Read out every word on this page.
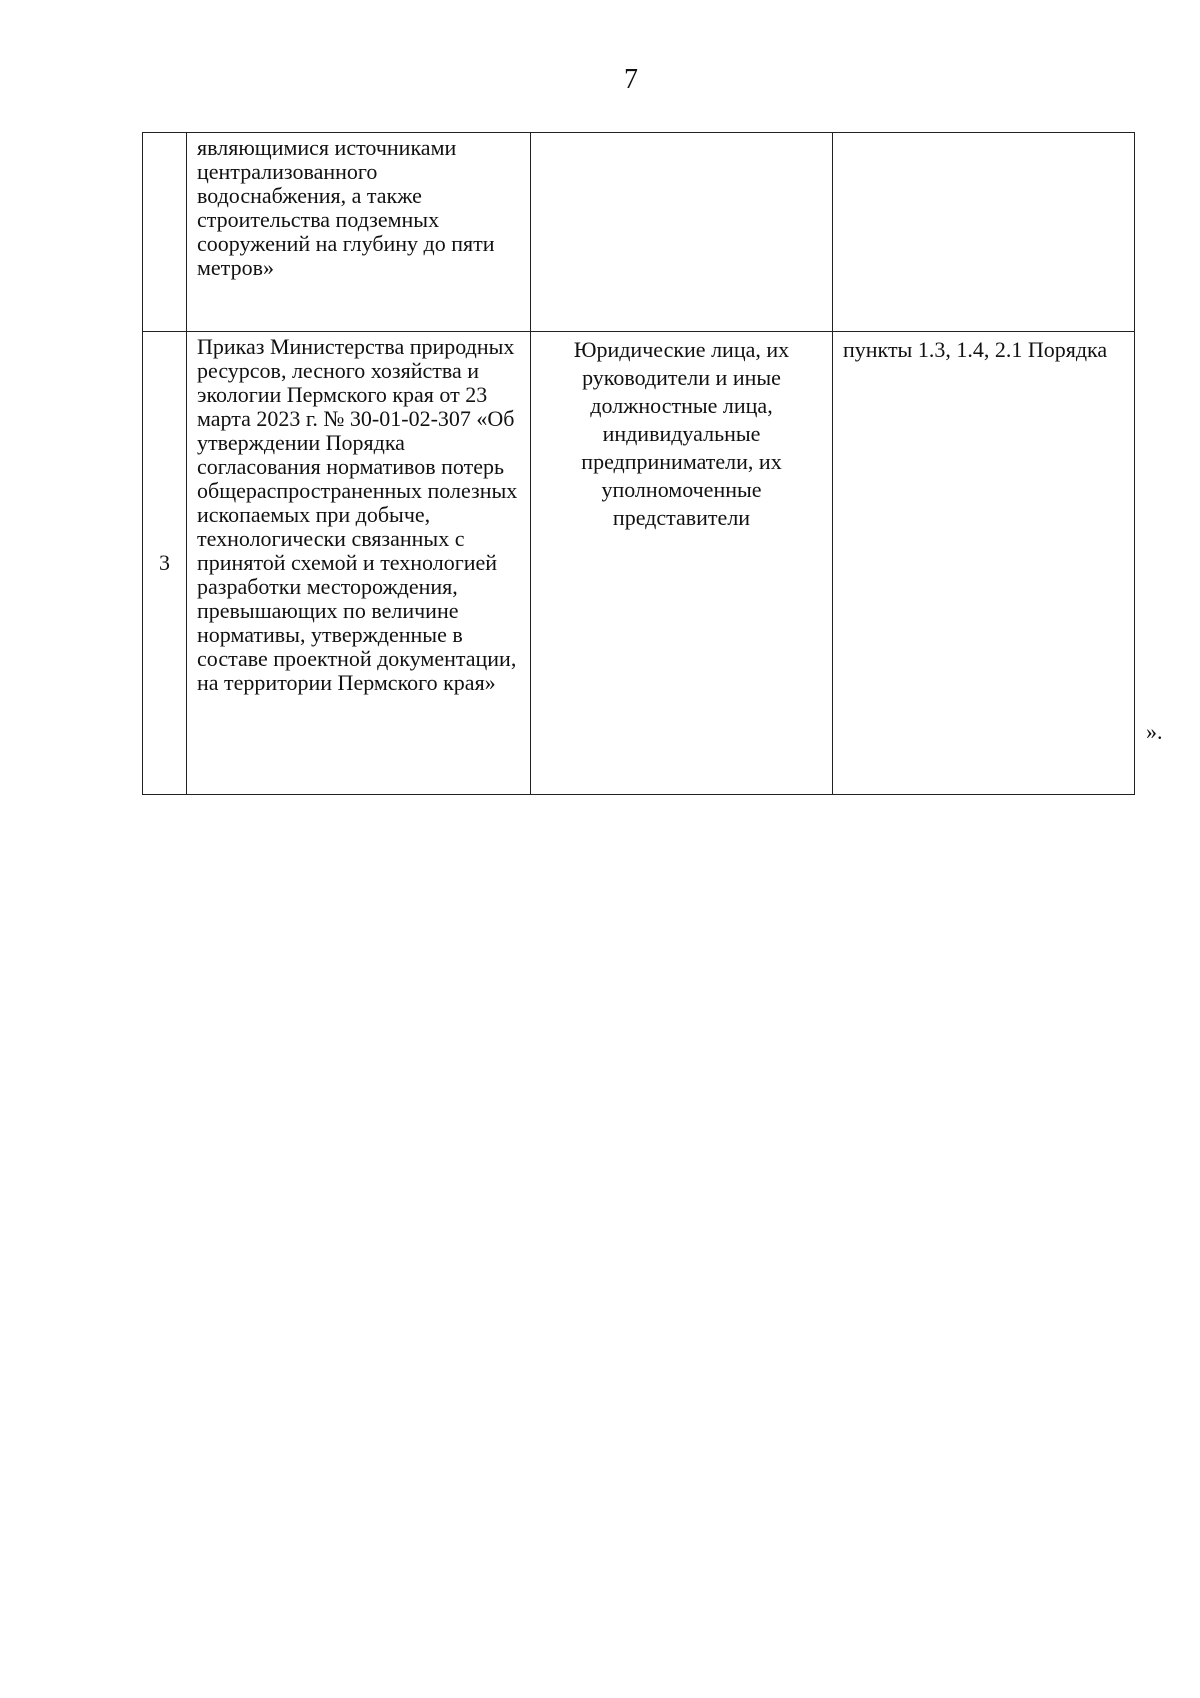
7
	являющимися источниками централизованного водоснабжения, а также строительства подземных сооружений на глубину до пяти метров»		
3	Приказ Министерства природных ресурсов, лесного хозяйства и экологии Пермского края от 23 марта 2023 г. № 30-01-02-307 «Об утверждении Порядка согласования нормативов потерь общераспространенных полезных ископаемых при добыче, технологически связанных с принятой схемой и технологией разработки месторождения, превышающих по величине нормативы, утвержденные в составе проектной документации, на территории Пермского края»	Юридические лица, их руководители и иные должностные лица, индивидуальные предприниматели, их уполномоченные представители	пункты 1.3, 1.4, 2.1 Порядка
».
